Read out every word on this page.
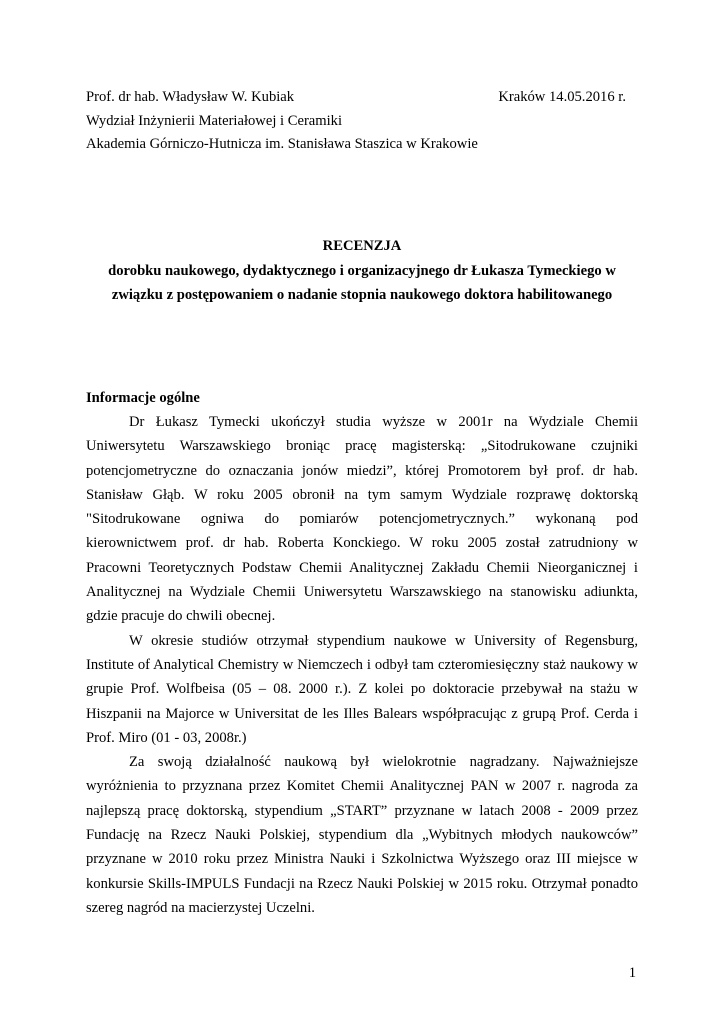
Prof. dr hab. Władysław W. Kubiak	Kraków 14.05.2016 r.
Wydział Inżynierii Materiałowej i Ceramiki
Akademia Górniczo-Hutnicza im. Stanisława Staszica w Krakowie
RECENZJA
dorobku naukowego, dydaktycznego i organizacyjnego dr Łukasza Tymeckiego w
związku z postępowaniem o nadanie stopnia naukowego doktora habilitowanego
Informacje ogólne
Dr Łukasz Tymecki ukończył studia wyższe w 2001r na Wydziale Chemii
Uniwersytetu Warszawskiego broniąc pracę magisterską: „Sitodrukowane czujniki
potencjometryczne do oznaczania jonów miedzi”, której Promotorem był prof. dr hab.
Stanisław Głąb. W roku 2005 obronił na tym samym Wydziale rozprawę doktorską
"Sitodrukowane ogniwa do pomiarów potencjometrycznych.” wykonaną pod
kierownictwem prof. dr hab. Roberta Konckiego. W roku 2005 został zatrudniony w
Pracowni Teoretycznych Podstaw Chemii Analitycznej Zakładu Chemii Nieorganicznej i
Analitycznej na Wydziale Chemii Uniwersytetu Warszawskiego na stanowisku adiunkta,
gdzie pracuje do chwili obecnej.
W okresie studiów otrzymał stypendium naukowe w University of Regensburg,
Institute of Analytical Chemistry w Niemczech i odbył tam czteromiesięczny staż naukowy w
grupie Prof. Wolfbeisa (05 – 08. 2000 r.). Z kolei po doktoracie przebywał na stażu w
Hiszpanii na Majorce w Universitat de les Illes Balears współpracując z grupą Prof. Cerda i
Prof. Miro (01 - 03, 2008r.)
Za swoją działalność naukową był wielokrotnie nagradzany. Najważniejsze
wyróżnienia to przyznana przez Komitet Chemii Analitycznej PAN w 2007 r. nagroda za
najlepszą pracę doktorską, stypendium „START” przyznane w latach 2008 - 2009 przez
Fundację na Rzecz Nauki Polskiej, stypendium dla „Wybitnych młodych naukowców”
przyznane w 2010 roku przez Ministra Nauki i Szkolnictwa Wyższego oraz III miejsce w
konkursie Skills-IMPULS Fundacji na Rzecz Nauki Polskiej w 2015 roku. Otrzymał ponadto
szereg nagród na macierzystej Uczelni.
1
